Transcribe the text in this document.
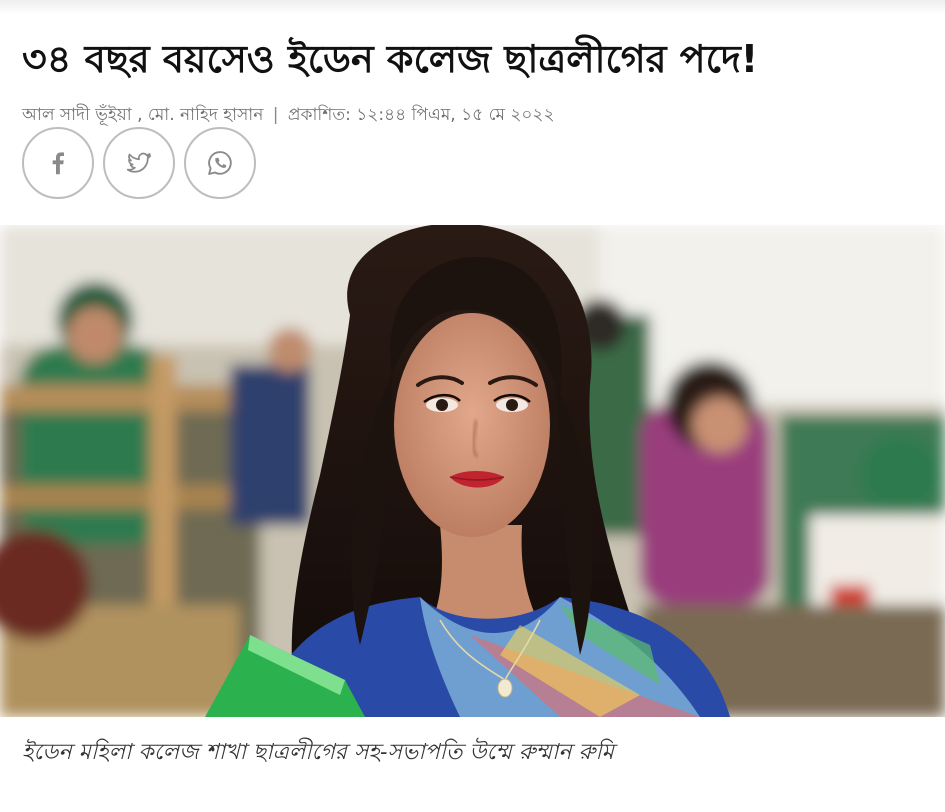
৩৪ বছর বয়সেও ইডেন কলেজ ছাত্রলীগের পদে!
আল সাদী ভূঁইয়া , মো. নাহিদ হাসান | প্রকাশিত: ১২:৪৪ পিএম, ১৫ মে ২০২২
ইডেন মহিলা কলেজ শাখা ছাত্রলীগের সহ-সভাপতি উম্মে রুম্মান রুমি
